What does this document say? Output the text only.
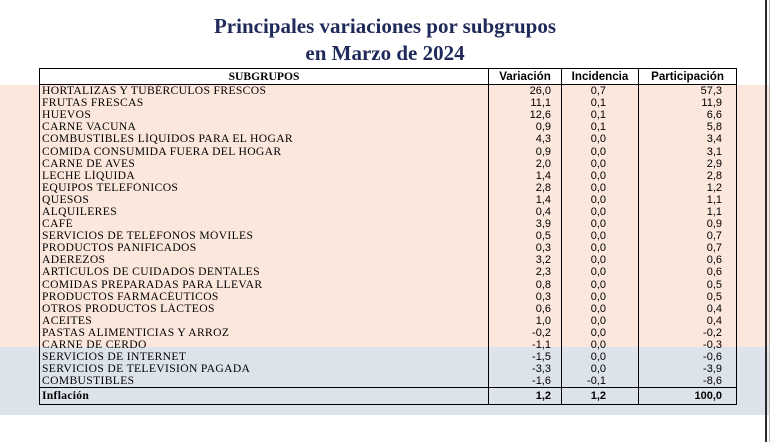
Principales variaciones por subgrupos
en Marzo de 2024
SUBGRUPOS	Variación	Incidencia	Participación
HORTALIZAS Y TUBÉRCULOS FRESCOS	26,0	0,7	57,3
FRUTAS FRESCAS	11,1	0,1	11,9
HUEVOS	12,6	0,1	6,6
CARNE VACUNA	0,9	0,1	5,8
COMBUSTIBLES LÍQUIDOS PARA EL HOGAR	4,3	0,0	3,4
COMIDA CONSUMIDA FUERA DEL HOGAR	0,9	0,0	3,1
CARNE DE AVES	2,0	0,0	2,9
LECHE LÍQUIDA	1,4	0,0	2,8
EQUIPOS TELEFÓNICOS	2,8	0,0	1,2
QUESOS	1,4	0,0	1,1
ALQUILERES	0,4	0,0	1,1
CAFÉ	3,9	0,0	0,9
SERVICIOS DE TELÉFONOS MÓVILES	0,5	0,0	0,7
PRODUCTOS PANIFICADOS	0,3	0,0	0,7
ADEREZOS	3,2	0,0	0,6
ARTÍCULOS DE CUIDADOS DENTALES	2,3	0,0	0,6
COMIDAS PREPARADAS PARA LLEVAR	0,8	0,0	0,5
PRODUCTOS FARMACÉUTICOS	0,3	0,0	0,5
OTROS PRODUCTOS LÁCTEOS	0,6	0,0	0,4
ACEITES	1,0	0,0	0,4
PASTAS ALIMENTICIAS Y ARROZ	-0,2	0,0	-0,2
CARNE DE CERDO	-1,1	0,0	-0,3
SERVICIOS DE INTERNET	-1,5	0,0	-0,6
SERVICIOS DE TELEVISIÓN PAGADA	-3,3	0,0	-3,9
COMBUSTIBLES	-1,6	-0,1	-8,6
Inflación	1,2	1,2	100,0
